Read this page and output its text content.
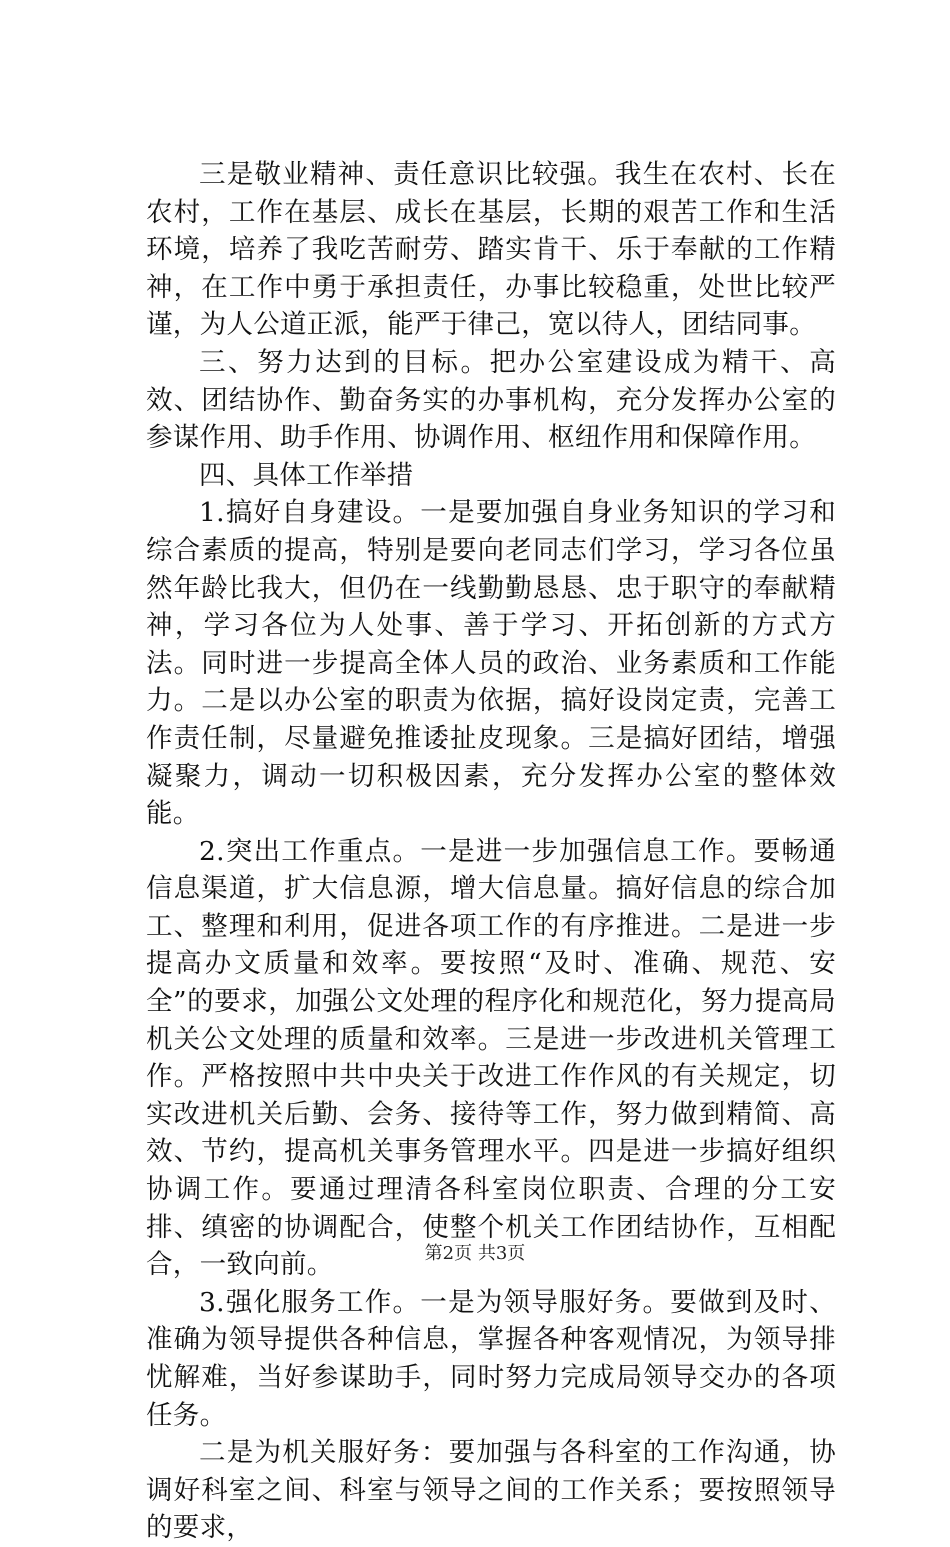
三是敬业精神、责任意识比较强。我生在农村、长在农村，工作在基层、成长在基层，长期的艰苦工作和生活环境，培养了我吃苦耐劳、踏实肯干、乐于奉献的工作精神，在工作中勇于承担责任，办事比较稳重，处世比较严谨，为人公道正派，能严于律己，宽以待人，团结同事。

三、努力达到的目标。把办公室建设成为精干、高效、团结协作、勤奋务实的办事机构，充分发挥办公室的参谋作用、助手作用、协调作用、枢纽作用和保障作用。

四、具体工作举措

1.搞好自身建设。一是要加强自身业务知识的学习和综合素质的提高，特别是要向老同志们学习，学习各位虽然年龄比我大，但仍在一线勤勤恳恳、忠于职守的奉献精神，学习各位为人处事、善于学习、开拓创新的方式方法。同时进一步提高全体人员的政治、业务素质和工作能力。二是以办公室的职责为依据，搞好设岗定责，完善工作责任制，尽量避免推诿扯皮现象。三是搞好团结，增强凝聚力，调动一切积极因素，充分发挥办公室的整体效能。

2.突出工作重点。一是进一步加强信息工作。要畅通信息渠道，扩大信息源，增大信息量。搞好信息的综合加工、整理和利用，促进各项工作的有序推进。二是进一步提高办文质量和效率。要按照“及时、准确、规范、安全”的要求，加强公文处理的程序化和规范化，努力提高局机关公文处理的质量和效率。三是进一步改进机关管理工作。严格按照中共中央关于改进工作作风的有关规定，切实改进机关后勤、会务、接待等工作，努力做到精简、高效、节约，提高机关事务管理水平。四是进一步搞好组织协调工作。要通过理清各科室岗位职责、合理的分工安排、缜密的协调配合，使整个机关工作团结协作，互相配合，一致向前。

3.强化服务工作。一是为领导服好务。要做到及时、准确为领导提供各种信息，掌握各种客观情况，为领导排忧解难，当好参谋助手，同时努力完成局领导交办的各项任务。

二是为机关服好务：要加强与各科室的工作沟通，协调好科室之间、科室与领导之间的工作关系；要按照领导的要求，

第2页 共3页
